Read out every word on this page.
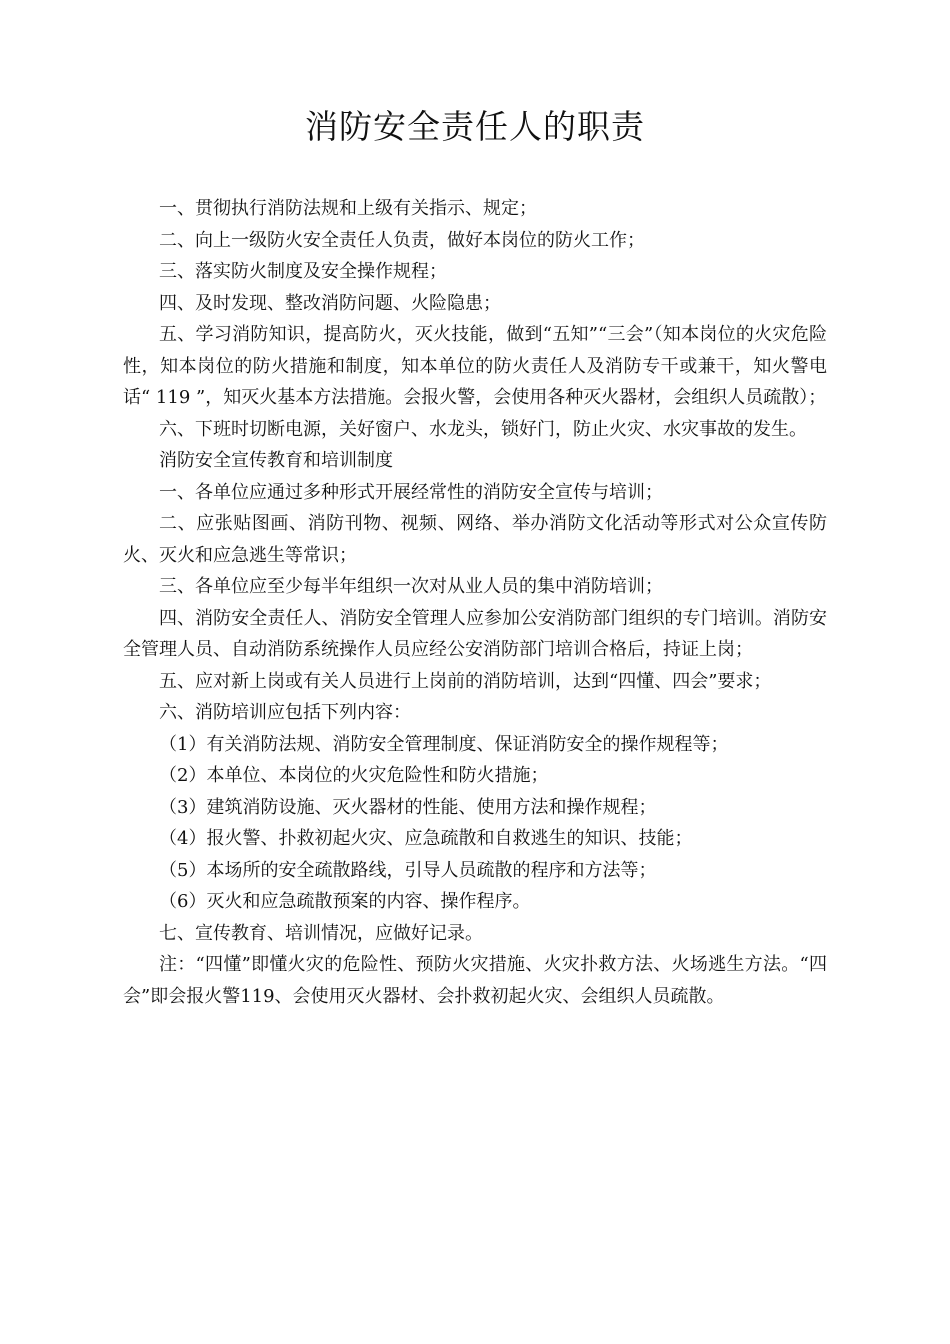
消防安全责任人的职责

一、贯彻执行消防法规和上级有关指示、规定；

二、向上一级防火安全责任人负责，做好本岗位的防火工作；

三、落实防火制度及安全操作规程；

四、及时发现、整改消防问题、火险隐患；

五、学习消防知识，提高防火，灭火技能，做到“五知”“三会”（知本岗位的火灾危险性，知本岗位的防火措施和制度，知本单位的防火责任人及消防专干或兼干，知火警电话“ 119 ”，知灭火基本方法措施。会报火警，会使用各种灭火器材，会组织人员疏散）；

六、下班时切断电源，关好窗户、水龙头，锁好门，防止火灾、水灾事故的发生。

消防安全宣传教育和培训制度

一、各单位应通过多种形式开展经常性的消防安全宣传与培训；

二、应张贴图画、消防刊物、视频、网络、举办消防文化活动等形式对公众宣传防火、灭火和应急逃生等常识；

三、各单位应至少每半年组织一次对从业人员的集中消防培训；

四、消防安全责任人、消防安全管理人应参加公安消防部门组织的专门培训。消防安全管理人员、自动消防系统操作人员应经公安消防部门培训合格后，持证上岗；

五、应对新上岗或有关人员进行上岗前的消防培训，达到“四懂、四会”要求；

六、消防培训应包括下列内容：

（1）有关消防法规、消防安全管理制度、保证消防安全的操作规程等；

（2）本单位、本岗位的火灾危险性和防火措施；

（3）建筑消防设施、灭火器材的性能、使用方法和操作规程；

（4）报火警、扑救初起火灾、应急疏散和自救逃生的知识、技能；

（5）本场所的安全疏散路线，引导人员疏散的程序和方法等；

（6）灭火和应急疏散预案的内容、操作程序。

七、宣传教育、培训情况，应做好记录。

注：“四懂”即懂火灾的危险性、预防火灾措施、火灾扑救方法、火场逃生方法。“四会”即会报火警119、会使用灭火器材、会扑救初起火灾、会组织人员疏散。
